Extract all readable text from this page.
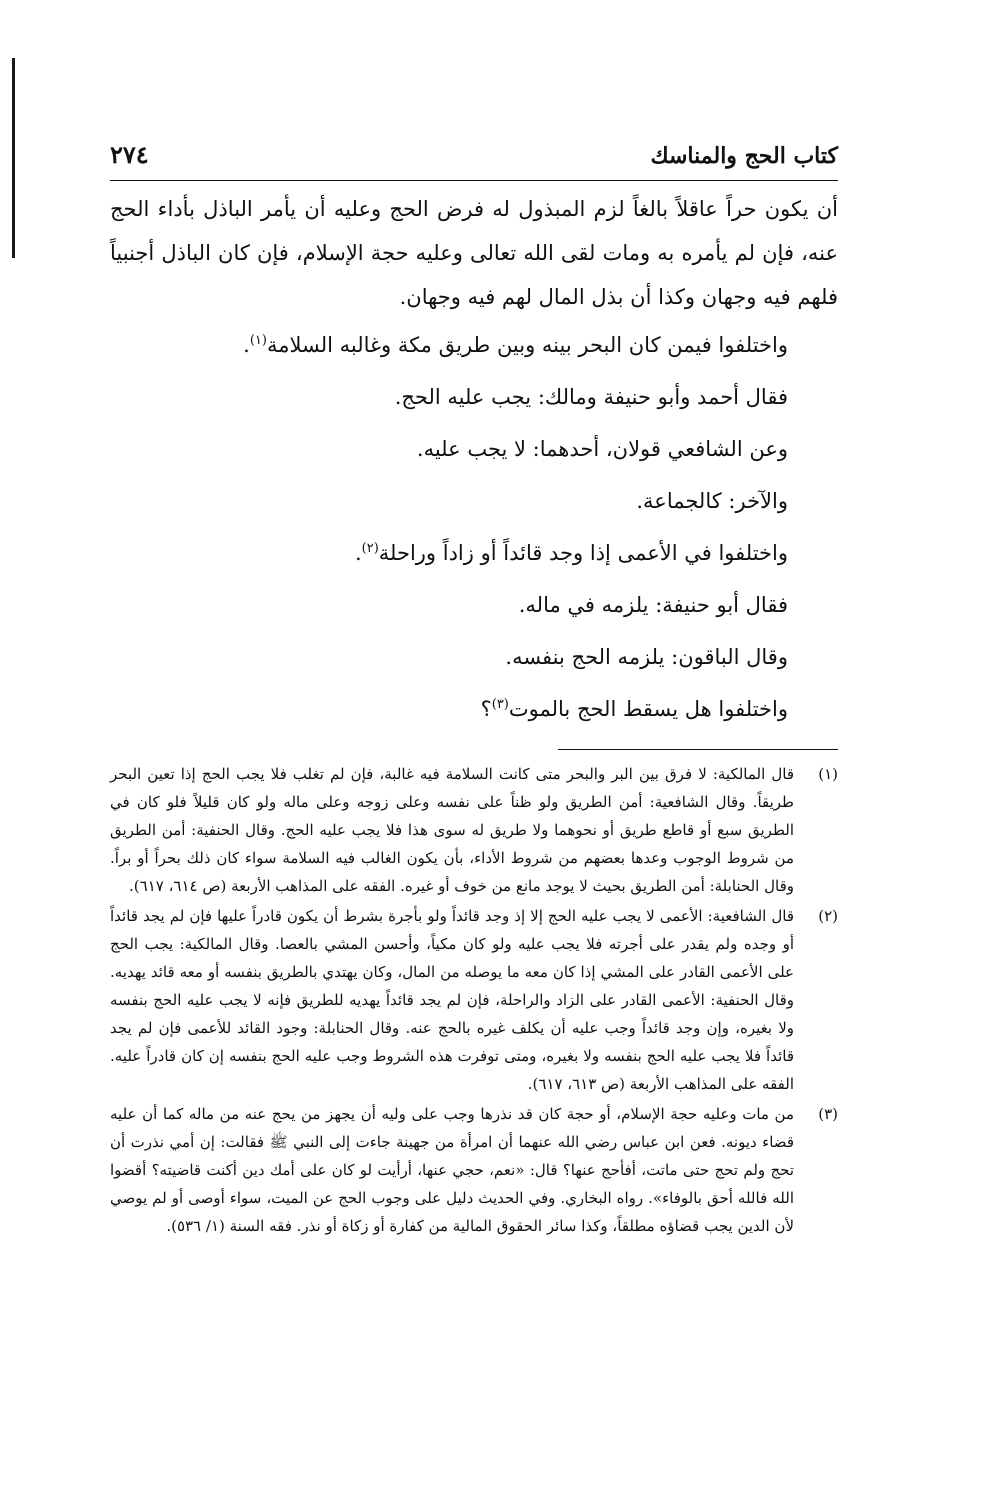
كتاب الحج والمناسك
٢٧٤

أن يكون حراً عاقلاً بالغاً لزم المبذول له فرض الحج وعليه أن يأمر الباذل بأداء الحج عنه، فإن لم يأمره به ومات لقى الله تعالى وعليه حجة الإسلام، فإن كان الباذل أجنبياً فلهم فيه وجهان وكذا أن بذل المال لهم فيه وجهان.

واختلفوا فيمن كان البحر بينه وبين طريق مكة وغالبه السلامة$^{(١)}$.

فقال أحمد وأبو حنيفة ومالك: يجب عليه الحج.

وعن الشافعي قولان، أحدهما: لا يجب عليه.

والآخر: كالجماعة.

واختلفوا في الأعمى إذا وجد قائداً أو زاداً وراحلة$^{(٢)}$.

فقال أبو حنيفة: يلزمه في ماله.

وقال الباقون: يلزمه الحج بنفسه.

واختلفوا هل يسقط الحج بالموت$^{(٣)}$؟

(١)
قال المالكية: لا فرق بين البر والبحر متى كانت السلامة فيه غالبة، فإن لم تغلب فلا يجب الحج إذا تعين البحر طريقاً. وقال الشافعية: أمن الطريق ولو ظناً على نفسه وعلى زوجه وعلى ماله ولو كان قليلاً فلو كان في الطريق سبع أو قاطع طريق أو نحوهما ولا طريق له سوى هذا فلا يجب عليه الحج. وقال الحنفية: أمن الطريق من شروط الوجوب وعدها بعضهم من شروط الأداء، بأن يكون الغالب فيه السلامة سواء كان ذلك بحراً أو براً. وقال الحنابلة: أمن الطريق بحيث لا يوجد مانع من خوف أو غيره. الفقه على المذاهب الأربعة (ص ٦١٤، ٦١٧).
(٢)
قال الشافعية: الأعمى لا يجب عليه الحج إلا إذ وجد قائداً ولو بأجرة بشرط أن يكون قادراً عليها فإن لم يجد قائداً أو وجده ولم يقدر على أجرته فلا يجب عليه ولو كان مكياً، وأحسن المشي بالعصا. وقال المالكية: يجب الحج على الأعمى القادر على المشي إذا كان معه ما يوصله من المال، وكان يهتدي بالطريق بنفسه أو معه قائد يهديه. وقال الحنفية: الأعمى القادر على الزاد والراحلة، فإن لم يجد قائداً يهديه للطريق فإنه لا يجب عليه الحج بنفسه ولا بغيره، وإن وجد قائداً وجب عليه أن يكلف غيره بالحج عنه. وقال الحنابلة: وجود القائد للأعمى فإن لم يجد قائداً فلا يجب عليه الحج بنفسه ولا بغيره، ومتى توفرت هذه الشروط وجب عليه الحج بنفسه إن كان قادراً عليه. الفقه على المذاهب الأربعة (ص ٦١٣، ٦١٧).
(٣)
من مات وعليه حجة الإسلام، أو حجة كان قد نذرها وجب على وليه أن يجهز من يحج عنه من ماله كما أن عليه قضاء ديونه. فعن ابن عباس رضي الله عنهما أن امرأة من جهينة جاءت إلى النبي ﷺ فقالت: إن أمي نذرت أن تحج ولم تحج حتى ماتت، أفأحج عنها؟ قال: «نعم، حجي عنها، أرأيت لو كان على أمك دين أكنت قاضيته؟ أقضوا الله فالله أحق بالوفاء». رواه البخاري. وفي الحديث دليل على وجوب الحج عن الميت، سواء أوصى أو لم يوصي لأن الدين يجب قضاؤه مطلقاً، وكذا سائر الحقوق المالية من كفارة أو زكاة أو نذر. فقه السنة (١/ ٥٣٦).
